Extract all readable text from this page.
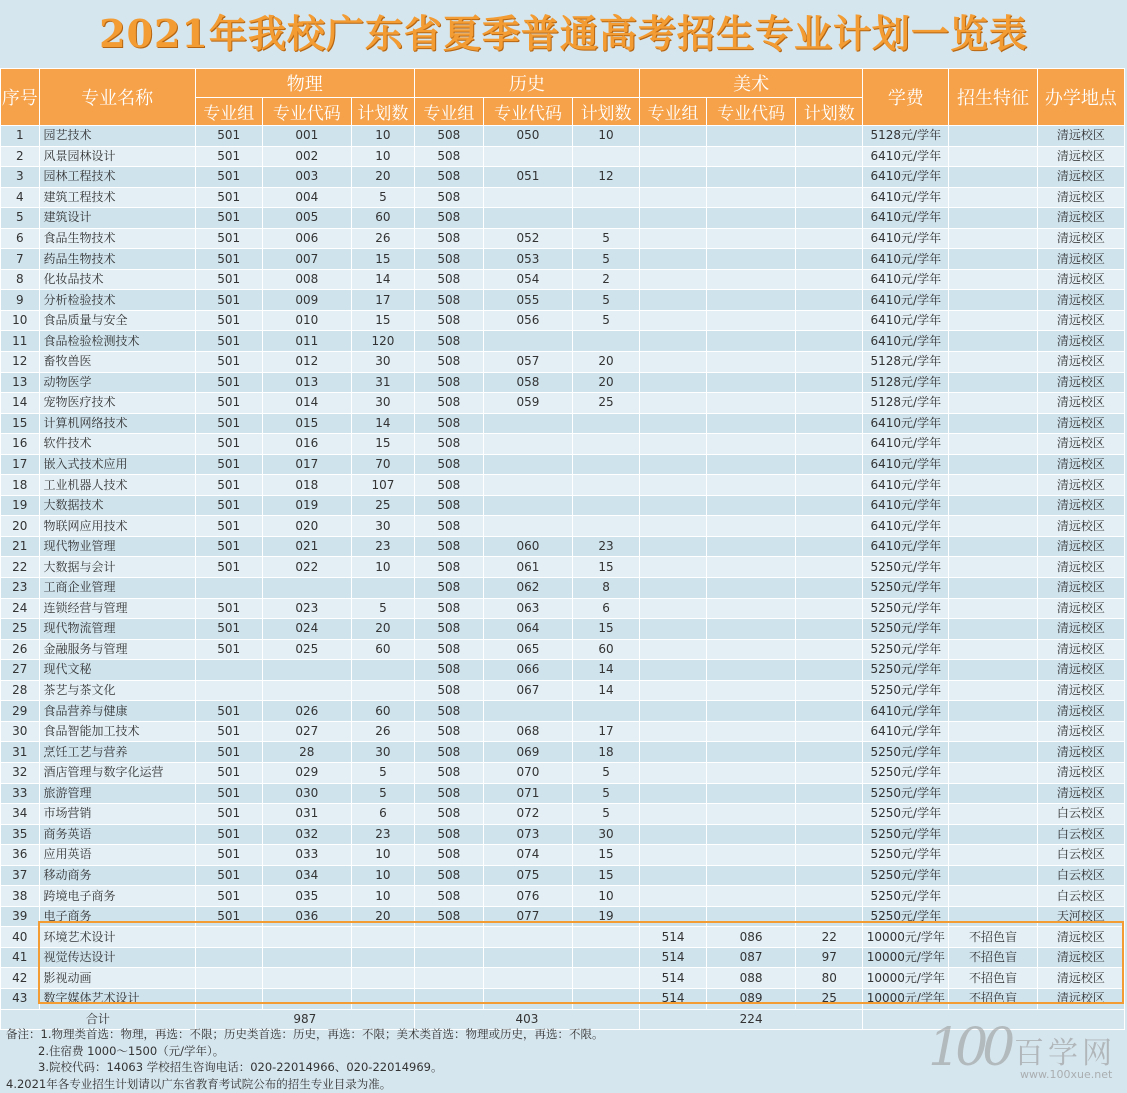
2021年我校广东省夏季普通高考招生专业计划一览表
序号	专业名称	物理			历史			美术			学费	招生特征	办学地点
		专业组	专业代码	计划数	专业组	专业代码	计划数	专业组	专业代码	计划数			
1	园艺技术	501	001	10	508	050	10				5128元/学年		清远校区
2	风景园林设计	501	002	10	508						6410元/学年		清远校区
3	园林工程技术	501	003	20	508	051	12				6410元/学年		清远校区
4	建筑工程技术	501	004	5	508						6410元/学年		清远校区
5	建筑设计	501	005	60	508						6410元/学年		清远校区
6	食品生物技术	501	006	26	508	052	5				6410元/学年		清远校区
7	药品生物技术	501	007	15	508	053	5				6410元/学年		清远校区
8	化妆品技术	501	008	14	508	054	2				6410元/学年		清远校区
9	分析检验技术	501	009	17	508	055	5				6410元/学年		清远校区
10	食品质量与安全	501	010	15	508	056	5				6410元/学年		清远校区
11	食品检验检测技术	501	011	120	508						6410元/学年		清远校区
12	畜牧兽医	501	012	30	508	057	20				5128元/学年		清远校区
13	动物医学	501	013	31	508	058	20				5128元/学年		清远校区
14	宠物医疗技术	501	014	30	508	059	25				5128元/学年		清远校区
15	计算机网络技术	501	015	14	508						6410元/学年		清远校区
16	软件技术	501	016	15	508						6410元/学年		清远校区
17	嵌入式技术应用	501	017	70	508						6410元/学年		清远校区
18	工业机器人技术	501	018	107	508						6410元/学年		清远校区
19	大数据技术	501	019	25	508						6410元/学年		清远校区
20	物联网应用技术	501	020	30	508						6410元/学年		清远校区
21	现代物业管理	501	021	23	508	060	23				6410元/学年		清远校区
22	大数据与会计	501	022	10	508	061	15				5250元/学年		清远校区
23	工商企业管理				508	062	8				5250元/学年		清远校区
24	连锁经营与管理	501	023	5	508	063	6				5250元/学年		清远校区
25	现代物流管理	501	024	20	508	064	15				5250元/学年		清远校区
26	金融服务与管理	501	025	60	508	065	60				5250元/学年		清远校区
27	现代文秘				508	066	14				5250元/学年		清远校区
28	茶艺与茶文化				508	067	14				5250元/学年		清远校区
29	食品营养与健康	501	026	60	508						6410元/学年		清远校区
30	食品智能加工技术	501	027	26	508	068	17				6410元/学年		清远校区
31	烹饪工艺与营养	501	28	30	508	069	18				5250元/学年		清远校区
32	酒店管理与数字化运营	501	029	5	508	070	5				5250元/学年		清远校区
33	旅游管理	501	030	5	508	071	5				5250元/学年		清远校区
34	市场营销	501	031	6	508	072	5				5250元/学年		白云校区
35	商务英语	501	032	23	508	073	30				5250元/学年		白云校区
36	应用英语	501	033	10	508	074	15				5250元/学年		白云校区
37	移动商务	501	034	10	508	075	15				5250元/学年		白云校区
38	跨境电子商务	501	035	10	508	076	10				5250元/学年		白云校区
39	电子商务	501	036	20	508	077	19				5250元/学年		天河校区
40	环境艺术设计							514	086	22	10000元/学年	不招色盲	清远校区
41	视觉传达设计							514	087	97	10000元/学年	不招色盲	清远校区
42	影视动画							514	088	80	10000元/学年	不招色盲	清远校区
43	数字媒体艺术设计							514	089	25	10000元/学年	不招色盲	清远校区
合计		987			403			224					
备注：1.物理类首选：物理，再选：不限；历史类首选：历史，再选：不限；美术类首选：物理或历史，再选：不限。
2.住宿费 1000～1500（元/学年）。
3.院校代码：14063 学校招生咨询电话：020-22014966、020-22014969。
4.2021年各专业招生计划请以广东省教育考试院公布的招生专业目录为准。
100 百学网
www.100xue.net
